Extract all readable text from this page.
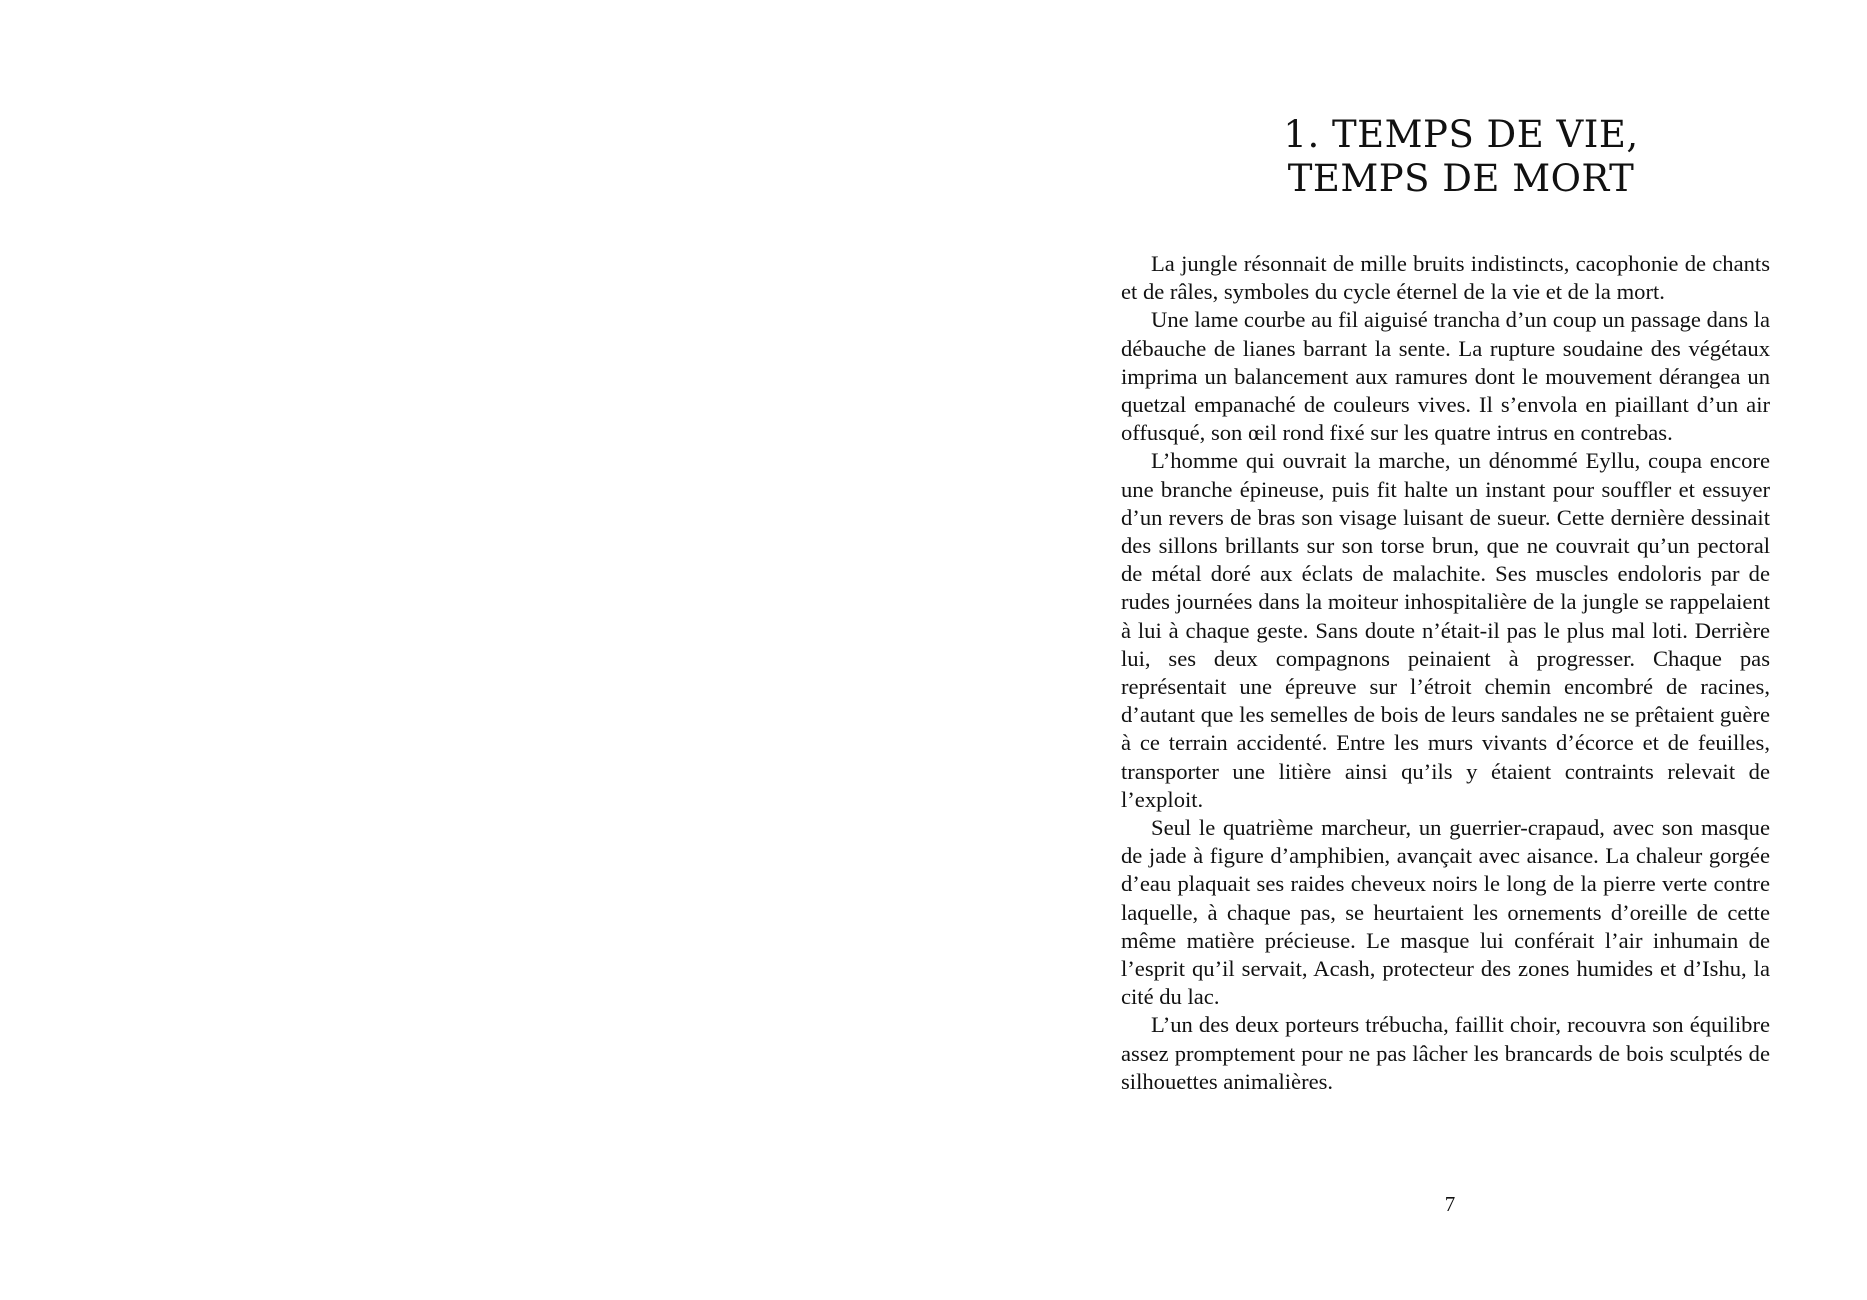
1. TEMPS DE VIE,
TEMPS DE MORT

La jungle résonnait de mille bruits indistincts, cacophonie de chants et de râles, symboles du cycle éternel de la vie et de la mort.

Une lame courbe au fil aiguisé trancha d’un coup un passage dans la débauche de lianes barrant la sente. La rupture soudaine des végétaux imprima un balancement aux ramures dont le mouvement dérangea un quetzal empanaché de couleurs vives. Il s’envola en piaillant d’un air offusqué, son œil rond fixé sur les quatre intrus en contrebas.

L’homme qui ouvrait la marche, un dénommé Eyllu, coupa encore une branche épineuse, puis fit halte un instant pour souffler et essuyer d’un revers de bras son visage luisant de sueur. Cette dernière dessinait des sillons brillants sur son torse brun, que ne couvrait qu’un pectoral de métal doré aux éclats de malachite. Ses muscles endoloris par de rudes journées dans la moiteur inhospitalière de la jungle se rappelaient à lui à chaque geste. Sans doute n’était-il pas le plus mal loti. Derrière lui, ses deux compagnons peinaient à progresser. Chaque pas représentait une épreuve sur l’étroit chemin encombré de racines, d’autant que les semelles de bois de leurs sandales ne se prêtaient guère à ce terrain accidenté. Entre les murs vivants d’écorce et de feuilles, transporter une litière ainsi qu’ils y étaient contraints relevait de l’exploit.

Seul le quatrième marcheur, un guerrier-crapaud, avec son masque de jade à figure d’amphibien, avançait avec aisance. La chaleur gorgée d’eau plaquait ses raides cheveux noirs le long de la pierre verte contre laquelle, à chaque pas, se heurtaient les ornements d’oreille de cette même matière précieuse. Le masque lui conférait l’air inhumain de l’esprit qu’il servait, Acash, protecteur des zones humides et d’Ishu, la cité du lac.

L’un des deux porteurs trébucha, faillit choir, recouvra son équilibre assez promptement pour ne pas lâcher les brancards de bois sculptés de silhouettes animalières.

7
